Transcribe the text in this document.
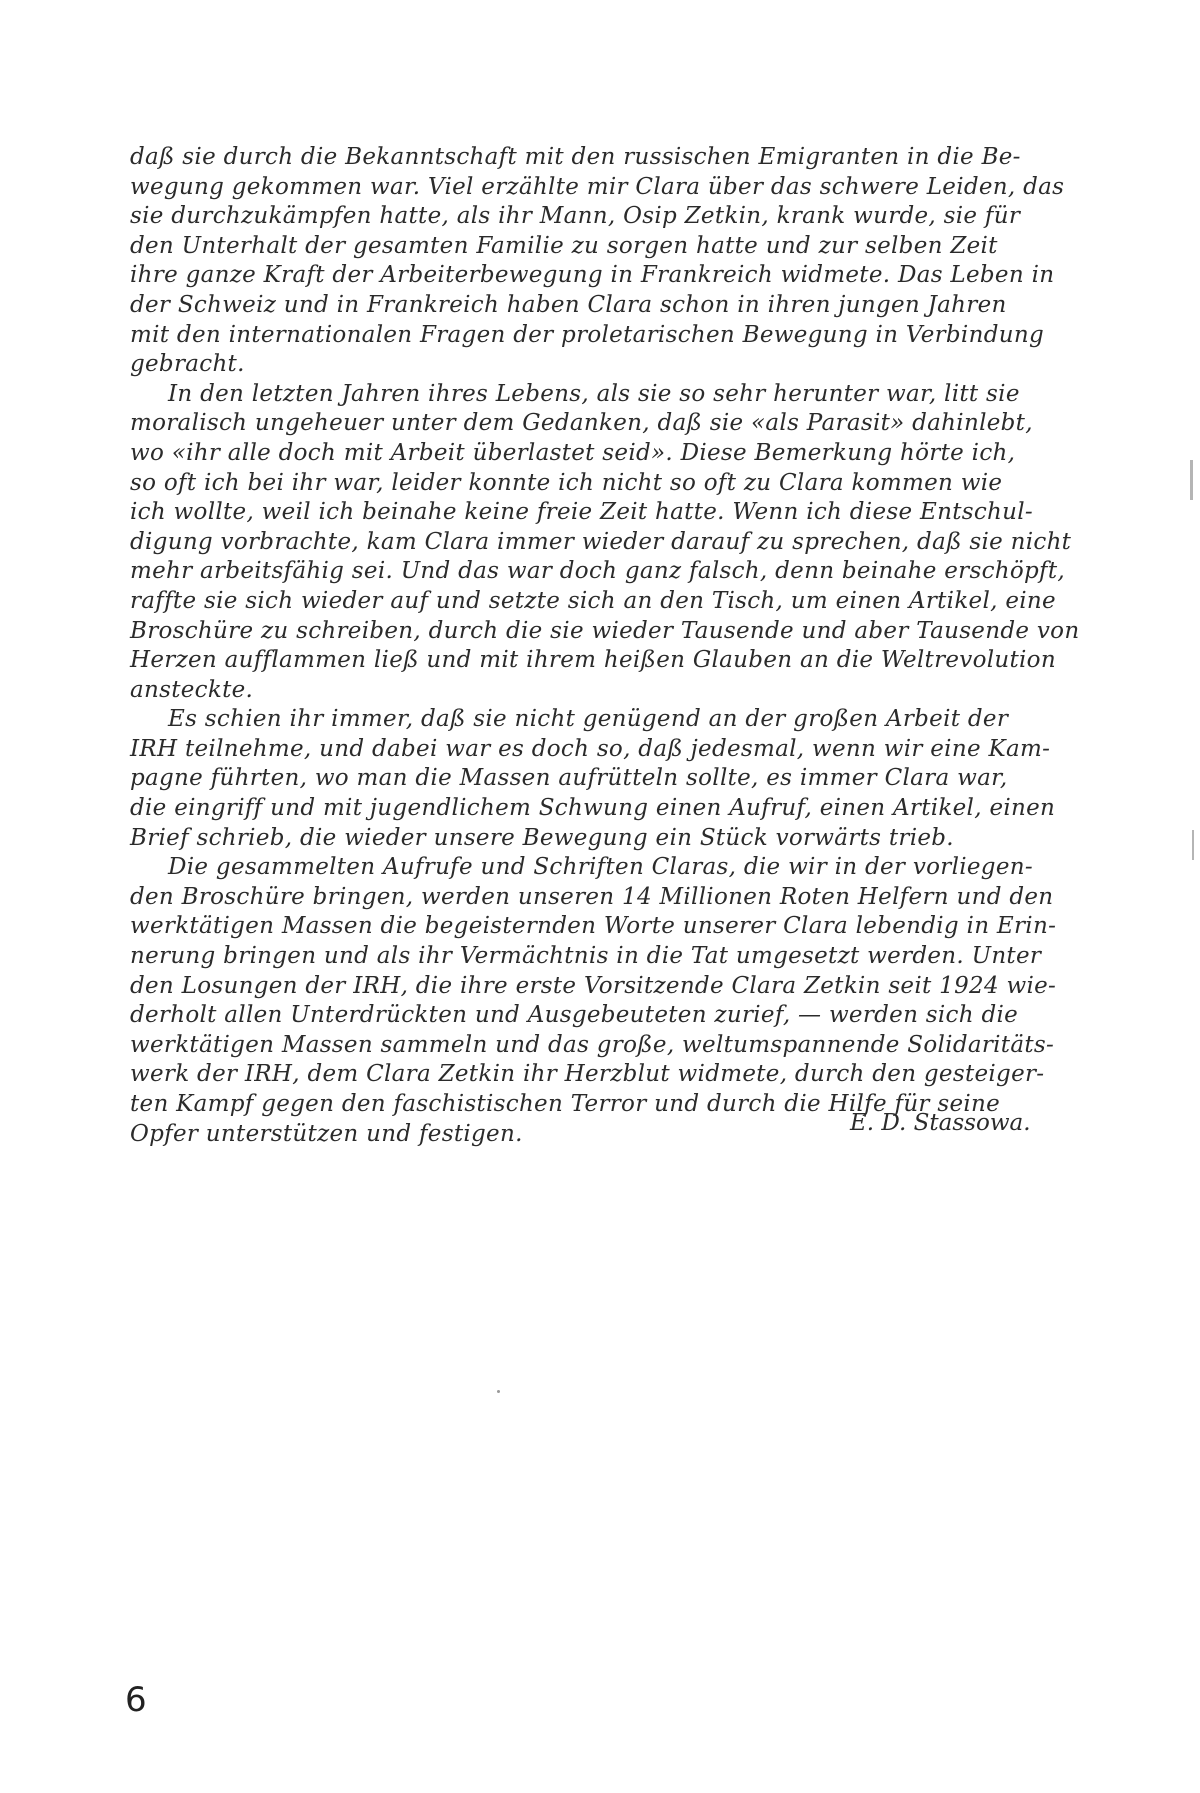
daß sie durch die Bekanntschaft mit den russischen Emigranten in die Be-
wegung gekommen war. Viel erzählte mir Clara über das schwere Leiden, das
sie durchzukämpfen hatte, als ihr Mann, Osip Zetkin, krank wurde, sie für
den Unterhalt der gesamten Familie zu sorgen hatte und zur selben Zeit
ihre ganze Kraft der Arbeiterbewegung in Frankreich widmete. Das Leben in
der Schweiz und in Frankreich haben Clara schon in ihren jungen Jahren
mit den internationalen Fragen der proletarischen Bewegung in Verbindung
gebracht.
In den letzten Jahren ihres Lebens, als sie so sehr herunter war, litt sie
moralisch ungeheuer unter dem Gedanken, daß sie «als Parasit» dahinlebt,
wo «ihr alle doch mit Arbeit überlastet seid». Diese Bemerkung hörte ich,
so oft ich bei ihr war, leider konnte ich nicht so oft zu Clara kommen wie
ich wollte, weil ich beinahe keine freie Zeit hatte. Wenn ich diese Entschul-
digung vorbrachte, kam Clara immer wieder darauf zu sprechen, daß sie nicht
mehr arbeitsfähig sei. Und das war doch ganz falsch, denn beinahe erschöpft,
raffte sie sich wieder auf und setzte sich an den Tisch, um einen Artikel, eine
Broschüre zu schreiben, durch die sie wieder Tausende und aber Tausende von
Herzen aufflammen ließ und mit ihrem heißen Glauben an die Weltrevolution
ansteckte.
Es schien ihr immer, daß sie nicht genügend an der großen Arbeit der
IRH teilnehme, und dabei war es doch so, daß jedesmal, wenn wir eine Kam-
pagne führten, wo man die Massen aufrütteln sollte, es immer Clara war,
die eingriff und mit jugendlichem Schwung einen Aufruf, einen Artikel, einen
Brief schrieb, die wieder unsere Bewegung ein Stück vorwärts trieb.
Die gesammelten Aufrufe und Schriften Claras, die wir in der vorliegen-
den Broschüre bringen, werden unseren 14 Millionen Roten Helfern und den
werktätigen Massen die begeisternden Worte unserer Clara lebendig in Erin-
nerung bringen und als ihr Vermächtnis in die Tat umgesetzt werden. Unter
den Losungen der IRH, die ihre erste Vorsitzende Clara Zetkin seit 1924 wie-
derholt allen Unterdrückten und Ausgebeuteten zurief, — werden sich die
werktätigen Massen sammeln und das große, weltumspannende Solidaritäts-
werk der IRH, dem Clara Zetkin ihr Herzblut widmete, durch den gesteiger-
ten Kampf gegen den faschistischen Terror und durch die Hilfe für seine
Opfer unterstützen und festigen.	E. D. Stassowa.
6
